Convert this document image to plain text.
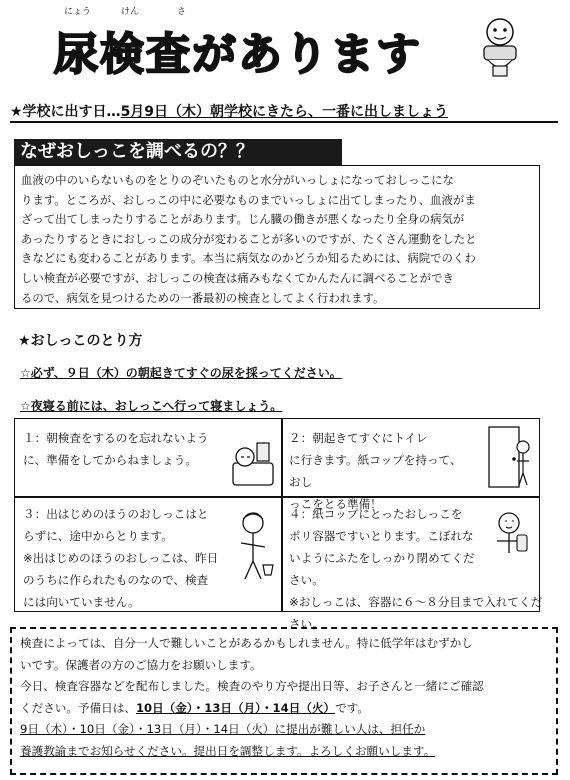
にょう	けん	さ
尿検査があります
★学校に出す日…5月9日（木）朝学校にきたら、一番に出しましょう
なぜおしっこを調べるの？？
血液の中のいらないものをとりのぞいたものと水分がいっしょになっておしっこにな
ります。ところが、おしっこの中に必要なものまでいっしょに出てしまったり、血液がま
ざって出てしまったりすることがあります。じん臓の働きが悪くなったり全身の病気が
あったりするときにおしっこの成分が変わることが多いのですが、たくさん運動をしたと
きなどにも変わることがあります。本当に病気なのかどうか知るためには、病院でのくわ
しい検査が必要ですが、おしっこの検査は痛みもなくてかんたんに調べることができ
るので、病気を見つけるための一番最初の検査としてよく行われます。
★おしっこのとり方
☆必ず、９日（木）の朝起きてすぐの尿を採ってください。
☆夜寝る前には、おしっこへ行って寝ましょう。
１：朝検査をするのを忘れないよう
に、準備をしてからねましょう。
２：朝起きてすぐにトイレ
に行きます。紙コップを持って、おし
っこをとる準備！
３：出はじめのほうのおしっこはと
らずに、途中からとります。
※出はじめのほうのおしっこは、昨日
のうちに作られたものなので、検査
には向いていません。
４：紙コップにとったおしっこを
ポリ容器ですいとります。こぼれな
いようにふたをしっかり閉めてくだ
さい。
※おしっこは、容器に６～８分目まで入れてくだ
さい。
検査によっては、自分一人で難しいことがあるかもしれません。特に低学年はむずかし
いです。保護者の方のご協力をお願いします。
今日、検査容器などを配布しました。検査のやり方や提出日等、お子さんと一緒にご確認
ください。予備日は、10日（金）・13日（月）・14日（火）です。
9日（木）・10日（金）・13日（月）・14日（火）に提出が難しい人は、担任か
養護教諭までお知らせください。提出日を調整します。よろしくお願いします。
